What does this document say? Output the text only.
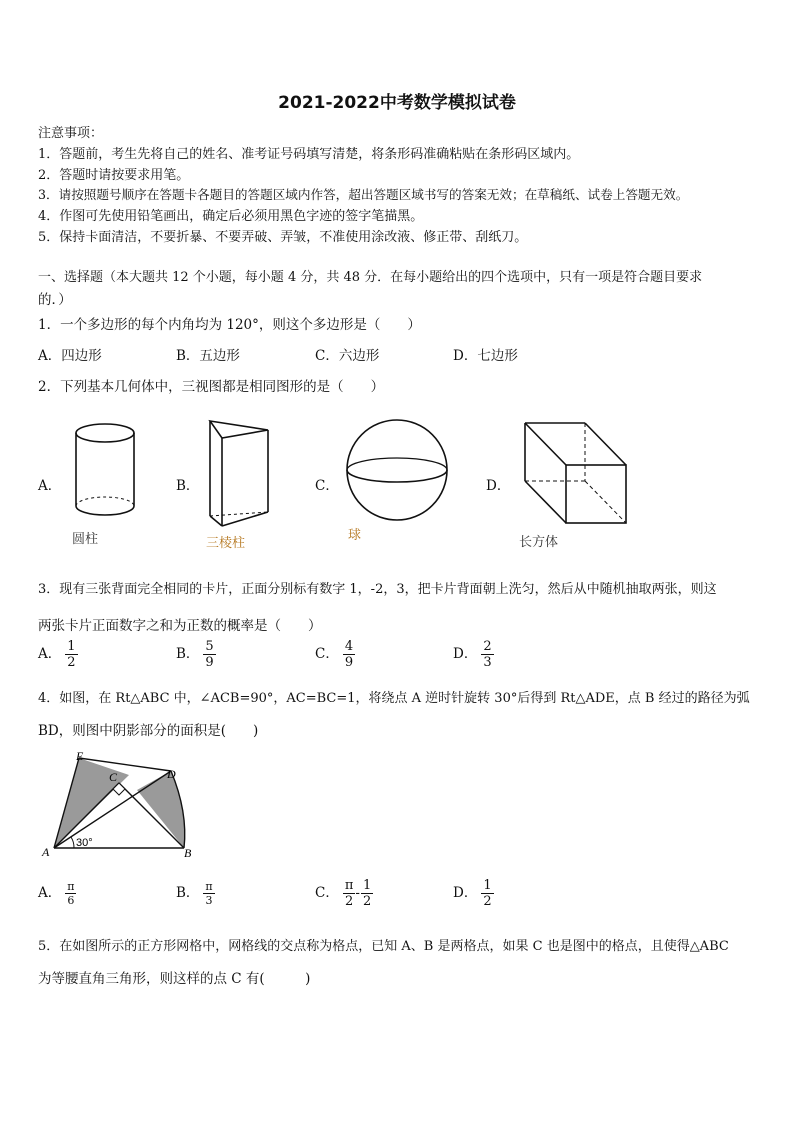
2021-2022中考数学模拟试卷
注意事项：
1．答题前，考生先将自己的姓名、准考证号码填写清楚，将条形码准确粘贴在条形码区域内。
2．答题时请按要求用笔。
3．请按照题号顺序在答题卡各题目的答题区域内作答，超出答题区域书写的答案无效；在草稿纸、试卷上答题无效。
4．作图可先使用铅笔画出，确定后必须用黑色字迹的签字笔描黑。
5．保持卡面清洁，不要折暴、不要弄破、弄皱，不准使用涂改液、修正带、刮纸刀。
一、选择题（本大题共 12 个小题，每小题 4 分，共 48 分．在每小题给出的四个选项中，只有一项是符合题目要求
的．）
1．一个多边形的每个内角均为 120°，则这个多边形是（　　）
A．四边形	B．五边形	C．六边形	D．七边形
2．下列基本几何体中，三视图都是相同图形的是（　　）
A．	B．	C．	D．
圆柱	三棱柱
球	长方体
3．现有三张背面完全相同的卡片，正面分别标有数字 1，-2，3，把卡片背面朝上洗匀，然后从中随机抽取两张，则这
两张卡片正面数字之和为正数的概率是（　　）
A． $\frac{1}{2}$	B． $\frac{5}{9}$	C． $\frac{4}{9}$	D． $\frac{2}{3}$
4．如图，在 Rt△ABC 中，∠ACB=90°，AC=BC=1，将绕点 A 逆时针旋转 30°后得到 Rt△ADE，点 B 经过的路径为弧
BD，则图中阴影部分的面积是(　　)
E
C	D
A	B
30°
A． $\frac{\pi}{6}$	B． $\frac{\pi}{3}$	C． $\frac{\pi}{2} - \frac{1}{2}$	D． $\frac{1}{2}$
5．在如图所示的正方形网格中，网格线的交点称为格点，已知 A、B 是两格点，如果 C 也是图中的格点，且使得△ABC
为等腰直角三角形，则这样的点 C 有(　　　)
